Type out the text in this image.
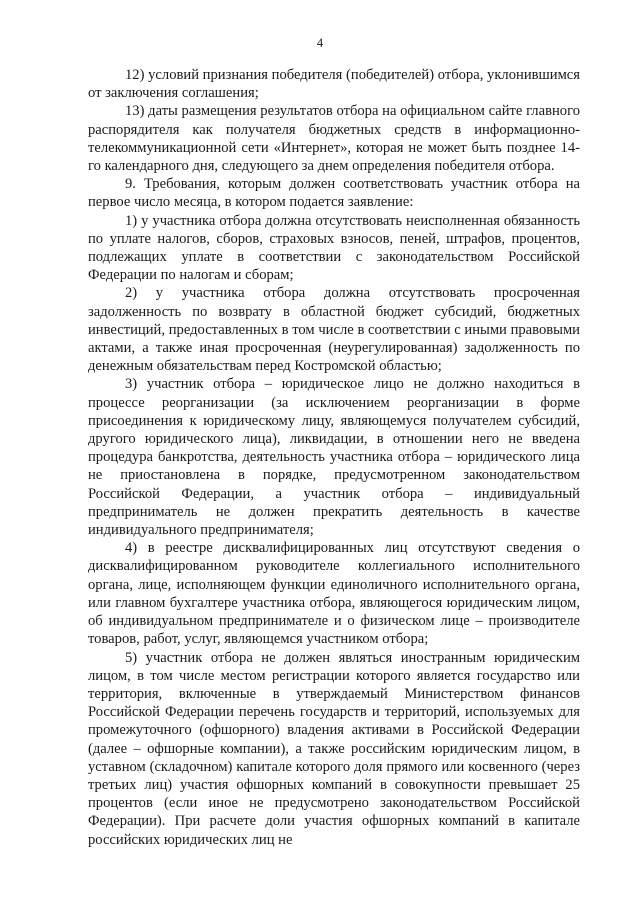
4

12) условий признания победителя (победителей) отбора, уклонившимся от заключения соглашения;

13) даты размещения результатов отбора на официальном сайте главного распорядителя как получателя бюджетных средств в информационно-телекоммуникационной сети «Интернет», которая не может быть позднее 14-го календарного дня, следующего за днем определения победителя отбора.

9. Требования, которым должен соответствовать участник отбора на первое число месяца, в котором подается заявление:

1) у участника отбора должна отсутствовать неисполненная обязанность по уплате налогов, сборов, страховых взносов, пеней, штрафов, процентов, подлежащих уплате в соответствии с законодательством Российской Федерации по налогам и сборам;

2) у участника отбора должна отсутствовать просроченная задолженность по возврату в областной бюджет субсидий, бюджетных инвестиций, предоставленных в том числе в соответствии с иными правовыми актами, а также иная просроченная (неурегулированная) задолженность по денежным обязательствам перед Костромской областью;

3) участник отбора – юридическое лицо не должно находиться в процессе реорганизации (за исключением реорганизации в форме присоединения к юридическому лицу, являющемуся получателем субсидий, другого юридического лица), ликвидации, в отношении него не введена процедура банкротства, деятельность участника отбора – юридического лица не приостановлена в порядке, предусмотренном законодательством Российской Федерации, а участник отбора – индивидуальный предприниматель не должен прекратить деятельность в качестве индивидуального предпринимателя;

4) в реестре дисквалифицированных лиц отсутствуют сведения о дисквалифицированном руководителе коллегиального исполнительного органа, лице, исполняющем функции единоличного исполнительного органа, или главном бухгалтере участника отбора, являющегося юридическим лицом, об индивидуальном предпринимателе и о физическом лице – производителе товаров, работ, услуг, являющемся участником отбора;

5) участник отбора не должен являться иностранным юридическим лицом, в том числе местом регистрации которого является государство или территория, включенные в утверждаемый Министерством финансов Российской Федерации перечень государств и территорий, используемых для промежуточного (офшорного) владения активами в Российской Федерации (далее – офшорные компании), а также российским юридическим лицом, в уставном (складочном) капитале которого доля прямого или косвенного (через третьих лиц) участия офшорных компаний в совокупности превышает 25 процентов (если иное не предусмотрено законодательством Российской Федерации). При расчете доли участия офшорных компаний в капитале российских юридических лиц не
